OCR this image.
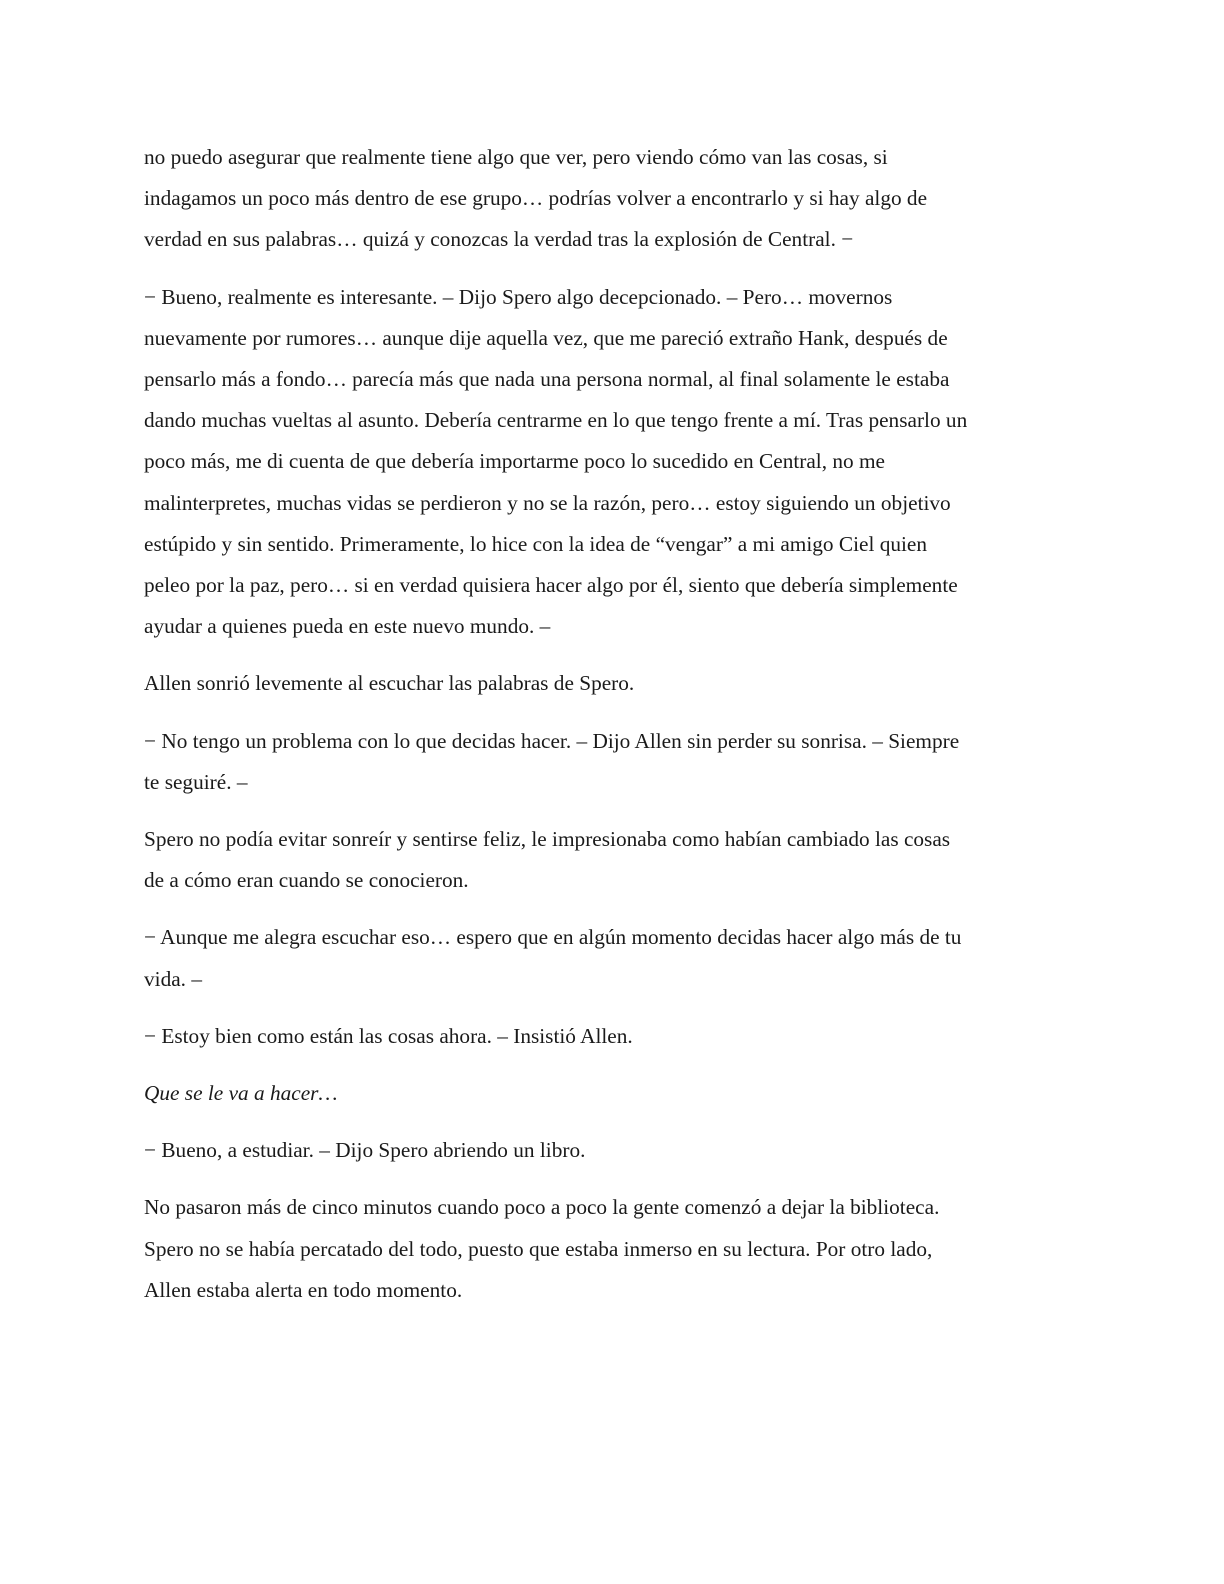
no puedo asegurar que realmente tiene algo que ver, pero viendo cómo van las cosas, si
indagamos un poco más dentro de ese grupo… podrías volver a encontrarlo y si hay algo de
verdad en sus palabras… quizá y conozcas la verdad tras la explosión de Central. −

− Bueno, realmente es interesante. – Dijo Spero algo decepcionado. – Pero… movernos
nuevamente por rumores… aunque dije aquella vez, que me pareció extraño Hank, después de
pensarlo más a fondo… parecía más que nada una persona normal, al final solamente le estaba
dando muchas vueltas al asunto. Debería centrarme en lo que tengo frente a mí. Tras pensarlo un
poco más, me di cuenta de que debería importarme poco lo sucedido en Central, no me
malinterpretes, muchas vidas se perdieron y no se la razón, pero… estoy siguiendo un objetivo
estúpido y sin sentido. Primeramente, lo hice con la idea de “vengar” a mi amigo Ciel quien
peleo por la paz, pero… si en verdad quisiera hacer algo por él, siento que debería simplemente
ayudar a quienes pueda en este nuevo mundo. –

Allen sonrió levemente al escuchar las palabras de Spero.

− No tengo un problema con lo que decidas hacer. – Dijo Allen sin perder su sonrisa. – Siempre
te seguiré. –

Spero no podía evitar sonreír y sentirse feliz, le impresionaba como habían cambiado las cosas
de a cómo eran cuando se conocieron.

− Aunque me alegra escuchar eso… espero que en algún momento decidas hacer algo más de tu
vida. –

− Estoy bien como están las cosas ahora. – Insistió Allen.

Que se le va a hacer…

− Bueno, a estudiar. – Dijo Spero abriendo un libro.

No pasaron más de cinco minutos cuando poco a poco la gente comenzó a dejar la biblioteca.
Spero no se había percatado del todo, puesto que estaba inmerso en su lectura. Por otro lado,
Allen estaba alerta en todo momento.
